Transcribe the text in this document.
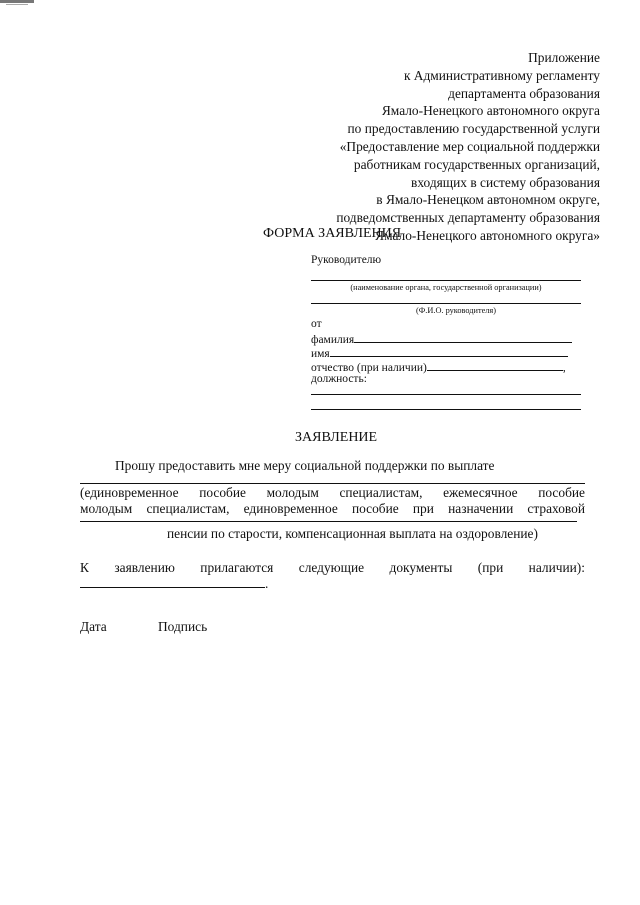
Приложение
к Административному регламенту
департамента образования
Ямало-Ненецкого автономного округа
по предоставлению государственной услуги
«Предоставление мер социальной поддержки
работникам государственных организаций,
входящих в систему образования
в Ямало-Ненецком автономном округе,
подведомственных департаменту образования
Ямало-Ненецкого автономного округа»
ФОРМА ЗАЯВЛЕНИЯ
Руководителю
(наименование органа, государственной организации)
(Ф.И.О. руководителя)
от
фамилия
имя
отчество (при наличии)	,
должность:
ЗАЯВЛЕНИЕ
Прошу предоставить мне меру социальной поддержки по выплате
(единовременное пособие молодым специалистам, ежемесячное пособие
молодым специалистам, единовременное пособие при назначении страховой
пенсии по старости, компенсационная выплата на оздоровление)
К заявлению прилагаются следующие документы (при наличии):
.
Дата	Подпись
